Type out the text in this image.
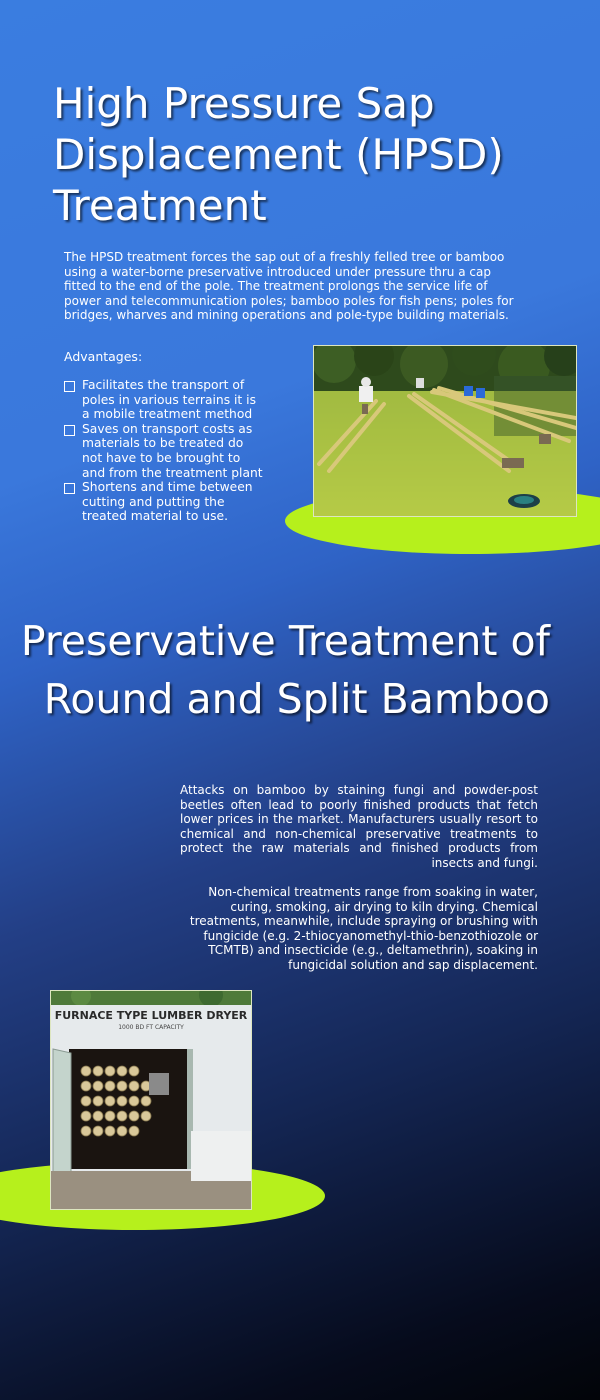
High Pressure Sap Displacement (HPSD) Treatment

The HPSD treatment forces the sap out of a freshly felled tree or bamboo using a water-borne preservative introduced under pressure thru a cap fitted to the end of the pole. The treatment prolongs the service life of power and telecommunication poles; bamboo poles for fish pens; poles for bridges, wharves and mining operations and pole-type building materials.

Advantages:
Facilitates the transport of poles in various terrains it is a mobile treatment method
Saves on transport costs as materials to be treated do not have to be brought to and from the treatment plant
Shortens and time between cutting and putting the treated material to use.
Preservative Treatment of Round and Split Bamboo

Attacks on bamboo by staining fungi and powder-post beetles often lead to poorly finished products that fetch lower prices in the market. Manufacturers usually resort to chemical and non-chemical preservative treatments to protect the raw materials and finished products from insects and fungi.

Non-chemical treatments range from soaking in water, curing, smoking, air drying to kiln drying. Chemical treatments, meanwhile, include spraying or brushing with fungicide (e.g. 2-thiocyanomethyl-thio-benzothiozole or TCMTB) and insecticide (e.g., deltamethrin), soaking in fungicidal solution and sap displacement.

FURNACE TYPE LUMBER DRYER
1000 BD FT CAPACITY
